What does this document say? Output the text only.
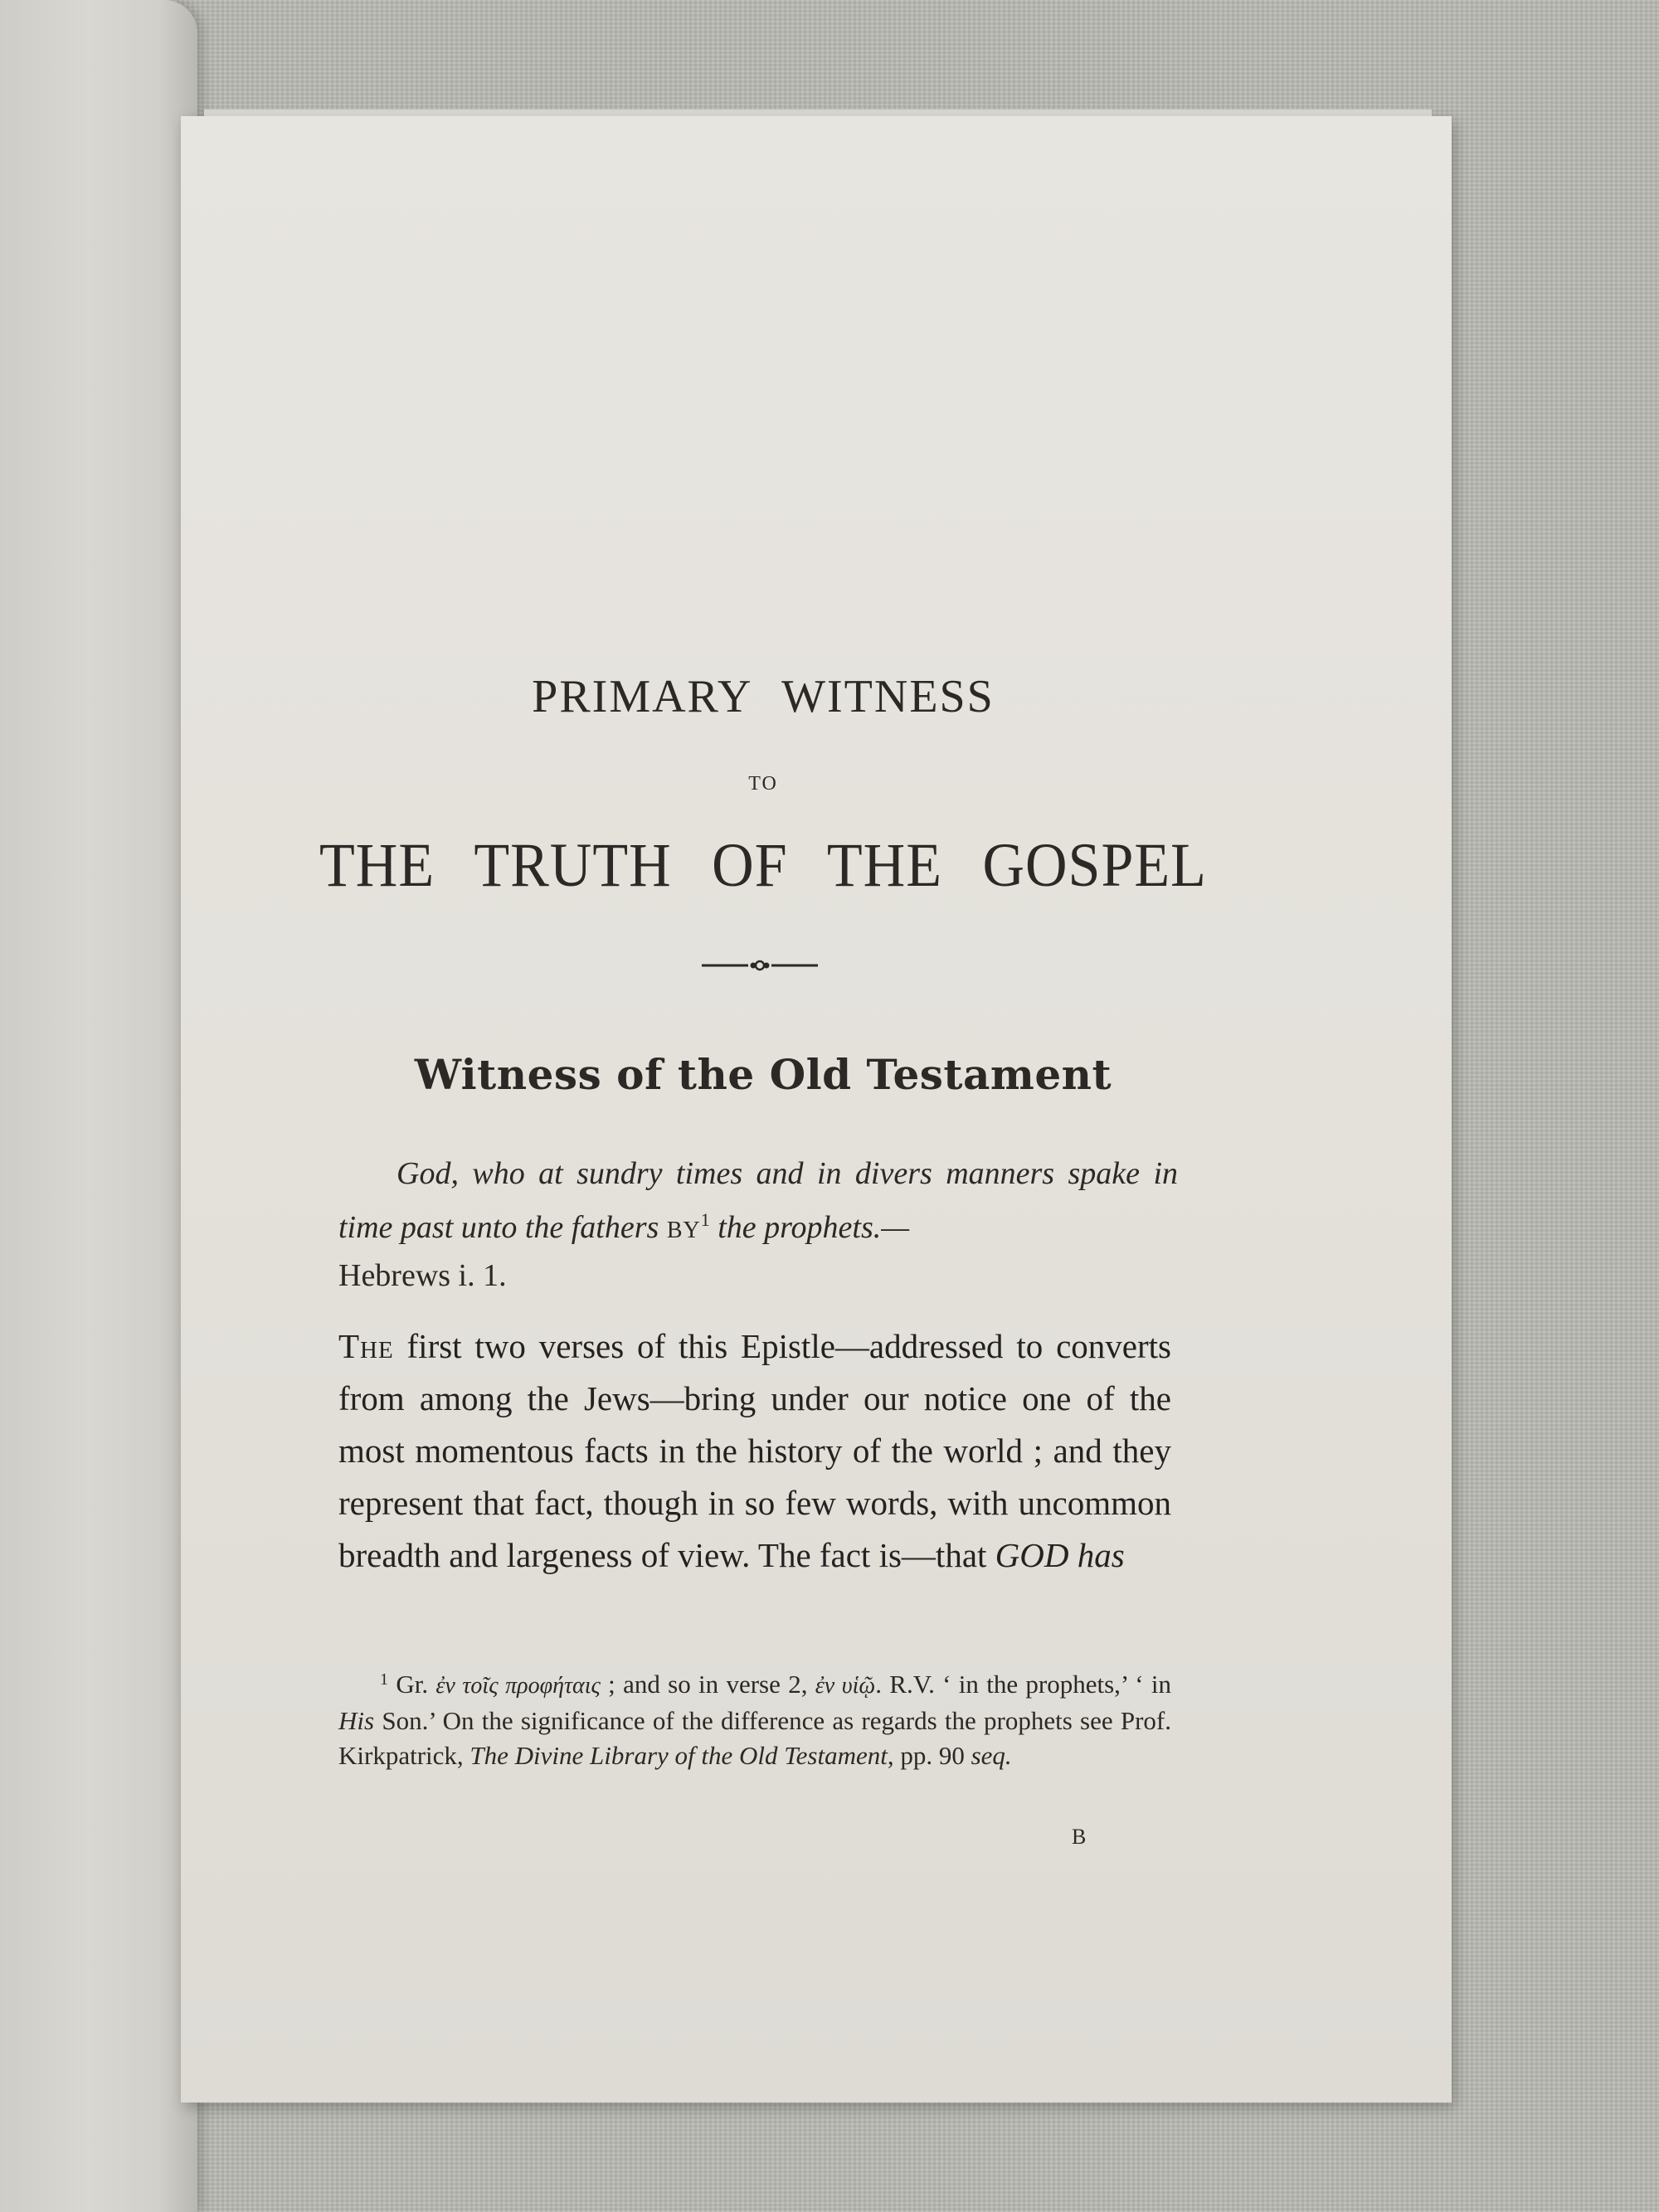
PRIMARY WITNESS
TO
THE TRUTH OF THE GOSPEL
Witness of the Old Testament
God, who at sundry times and in divers manners spake in time past unto the fathers $BY^1$ the prophets.—
Hebrews i. 1.
The first two verses of this Epistle—addressed to converts from among the Jews—bring under our notice one of the most momentous facts in the history of the world ; and they represent that fact, though in so few words, with uncommon breadth and largeness of view. The fact is—that GOD has

$^1$ Gr. ἐν τοῖς προφήταις ; and so in verse 2, ἐν υἱῷ. R.V. ‘ in the prophets,’ ‘ in His Son.’ On the significance of the difference as regards the prophets see Prof. Kirkpatrick, The Divine Library of the Old Testament, pp. 90 seq.

B
